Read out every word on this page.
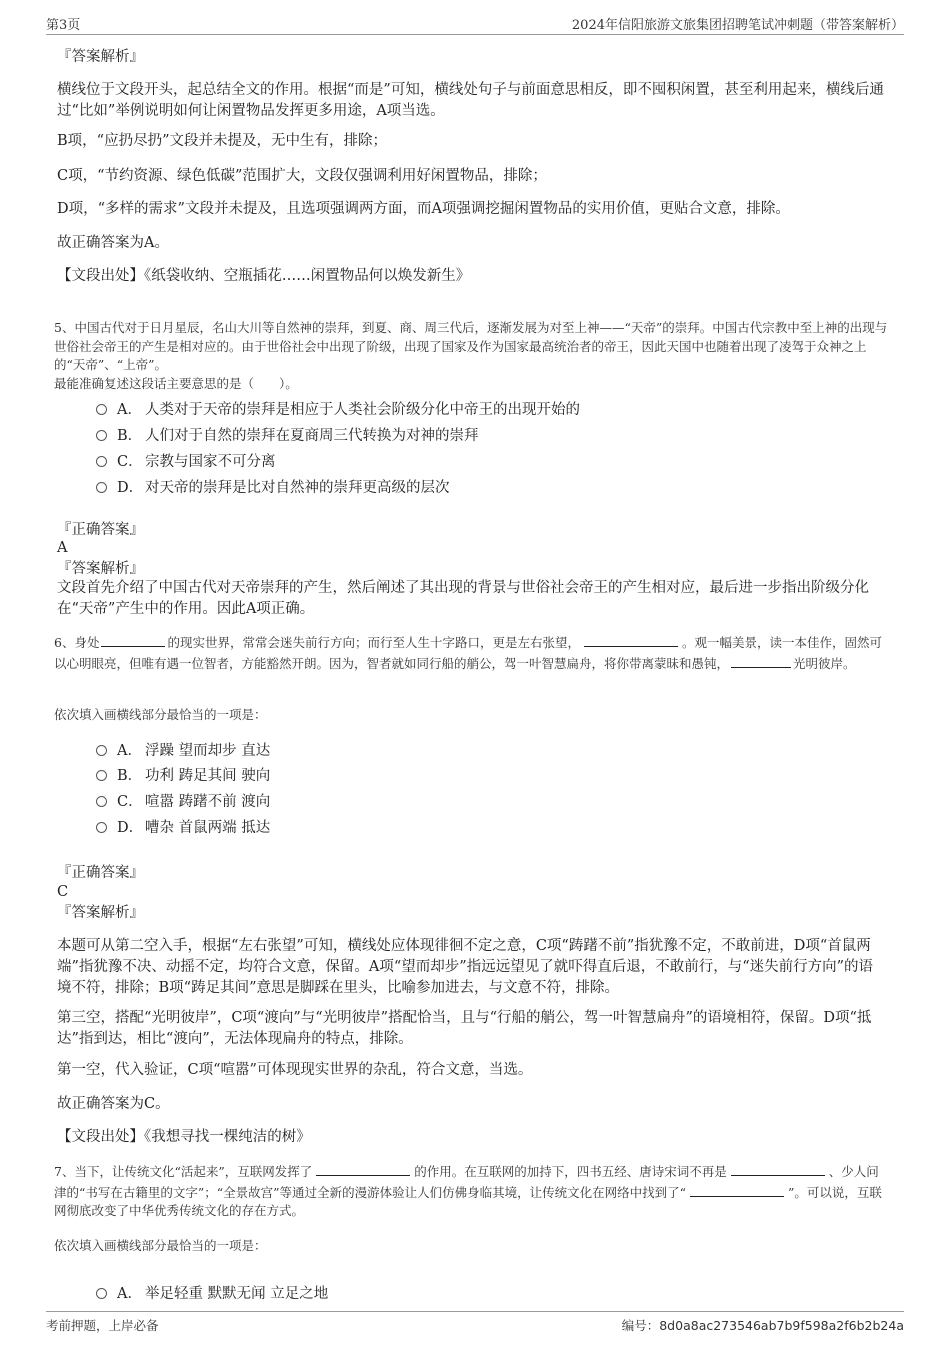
第3页	2024年信阳旅游文旅集团招聘笔试冲刺题（带答案解析）
『答案解析』
横线位于文段开头，起总结全文的作用。根据“而是”可知，横线处句子与前面意思相反，即不囤积闲置，甚至利用起来，横线后通过“比如”举例说明如何让闲置物品发挥更多用途，A项当选。
B项，“应扔尽扔”文段并未提及，无中生有，排除；
C项，“节约资源、绿色低碳”范围扩大，文段仅强调利用好闲置物品，排除；
D项，“多样的需求”文段并未提及，且选项强调两方面，而A项强调挖掘闲置物品的实用价值，更贴合文意，排除。
故正确答案为A。
【文段出处】《纸袋收纳、空瓶插花……闲置物品何以焕发新生》
5、中国古代对于日月星辰，名山大川等自然神的崇拜，到夏、商、周三代后，逐渐发展为对至上神——“天帝”的崇拜。中国古代宗教中至上神的出现与世俗社会帝王的产生是相对应的。由于世俗社会中出现了阶级，出现了国家及作为国家最高统治者的帝王，因此天国中也随着出现了凌驾于众神之上的“天帝”、“上帝”。
最能准确复述这段话主要意思的是（　　）。
A． 人类对于天帝的崇拜是相应于人类社会阶级分化中帝王的出现开始的
B． 人们对于自然的崇拜在夏商周三代转换为对神的崇拜
C． 宗教与国家不可分离
D． 对天帝的崇拜是比对自然神的崇拜更高级的层次
『正确答案』
A
『答案解析』
文段首先介绍了中国古代对天帝崇拜的产生，然后阐述了其出现的背景与世俗社会帝王的产生相对应，最后进一步指出阶级分化在“天帝”产生中的作用。因此A项正确。
6、身处	的现实世界，常常会迷失前行方向；而行至人生十字路口，更是左右张望，	。观一幅美景，读一本佳作，固然可以心明眼亮，但唯有遇一位智者，方能豁然开朗。因为，智者就如同行船的艄公，驾一叶智慧扁舟，将你带离蒙昧和愚钝，	光明彼岸。
依次填入画横线部分最恰当的一项是：
A． 浮躁 望而却步 直达
B． 功利 踌足其间 驶向
C． 喧嚣 踌躇不前 渡向
D． 嘈杂 首鼠两端 抵达
『正确答案』
C
『答案解析』
本题可从第二空入手，根据“左右张望”可知，横线处应体现徘徊不定之意，C项“踌躇不前”指犹豫不定，不敢前进，D项“首鼠两端”指犹豫不决、动摇不定，均符合文意，保留。A项“望而却步”指远远望见了就吓得直后退，不敢前行，与“迷失前行方向”的语境不符，排除；B项“踌足其间”意思是脚踩在里头，比喻参加进去，与文意不符，排除。
第三空，搭配“光明彼岸”，C项“渡向”与“光明彼岸”搭配恰当，且与“行船的艄公，驾一叶智慧扁舟”的语境相符，保留。D项“抵达”指到达，相比“渡向”，无法体现扁舟的特点，排除。
第一空，代入验证，C项“喧嚣”可体现现实世界的杂乱，符合文意，当选。
故正确答案为C。
【文段出处】《我想寻找一棵纯洁的树》
7、当下，让传统文化“活起来”，互联网发挥了	的作用。在互联网的加持下，四书五经、唐诗宋词不再是	、少人问津的“书写在古籍里的文字”；“全景故宫”等通过全新的漫游体验让人们仿佛身临其境，让传统文化在网络中找到了“	”。可以说，互联网彻底改变了中华优秀传统文化的存在方式。
依次填入画横线部分最恰当的一项是：
A． 举足轻重 默默无闻 立足之地
考前押题，上岸必备	编号：8d0a8ac273546ab7b9f598a2f6b2b24a
